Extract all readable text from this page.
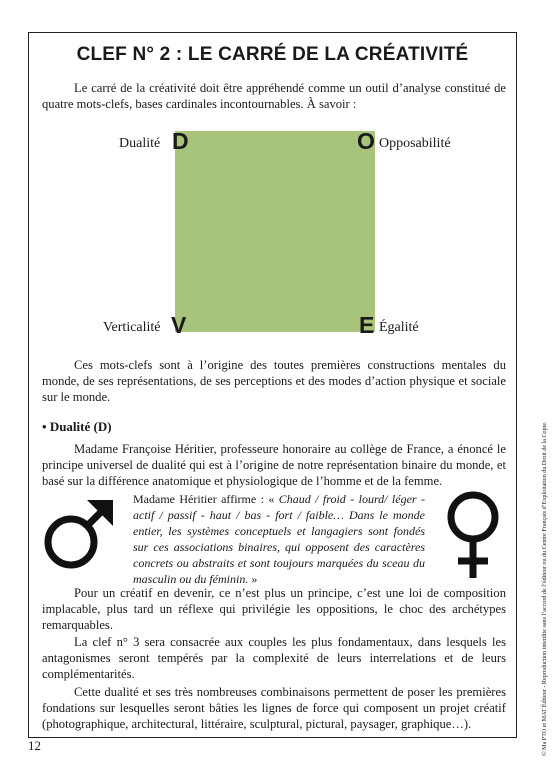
CLEF N° 2 : LE CARRÉ DE LA CRÉATIVITÉ

Le carré de la créativité doit être appréhendé comme un outil d’analyse constitué de quatre mots-clefs, bases cardinales incontournables. À savoir :

Dualité D	O Opposabilité
Verticalité V	E Égalité

Ces mots-clefs sont à l’origine des toutes premières constructions mentales du monde, de ses représentations, de ses perceptions et des modes d’action physique et sociale sur le monde.

• Dualité (D)

Madame Françoise Héritier, professeure honoraire au collège de France, a énoncé le principe universel de dualité qui est à l’origine de notre représentation binaire du monde, et basé sur la différence anatomique et physiologique de l’homme et de la femme.

Madame Héritier affirme : « Chaud / froid - lourd/ léger - actif / passif - haut / bas - fort / faible… Dans le monde entier, les systèmes conceptuels et langagiers sont fondés sur ces associations binaires, qui opposent des caractères concrets ou abstraits et sont toujours marquées du sceau du masculin ou du féminin. »

Pour un créatif en devenir, ce n’est plus un principe, c’est une loi de composition implacable, plus tard un réflexe qui privilégie les oppositions, le choc des archétypes remarquables.

La clef n° 3 sera consacrée aux couples les plus fondamentaux, dans lesquels les antagonismes seront tempérés par la complexité de leurs interrelations et de leurs complémentarités.

Cette dualité et ses très nombreuses combinaisons permettent de poser les premières fondations sur lesquelles seront bâties les lignes de force qui composent un projet créatif (photographique, architectural, littéraire, sculptural, pictural, paysager, graphique…).

12	© Ma PTO et MAT Éditeur - Reproduction interdite sans l’accord de l’éditeur ou du Centre Français d’Exploitation du Droit de la Copie.
